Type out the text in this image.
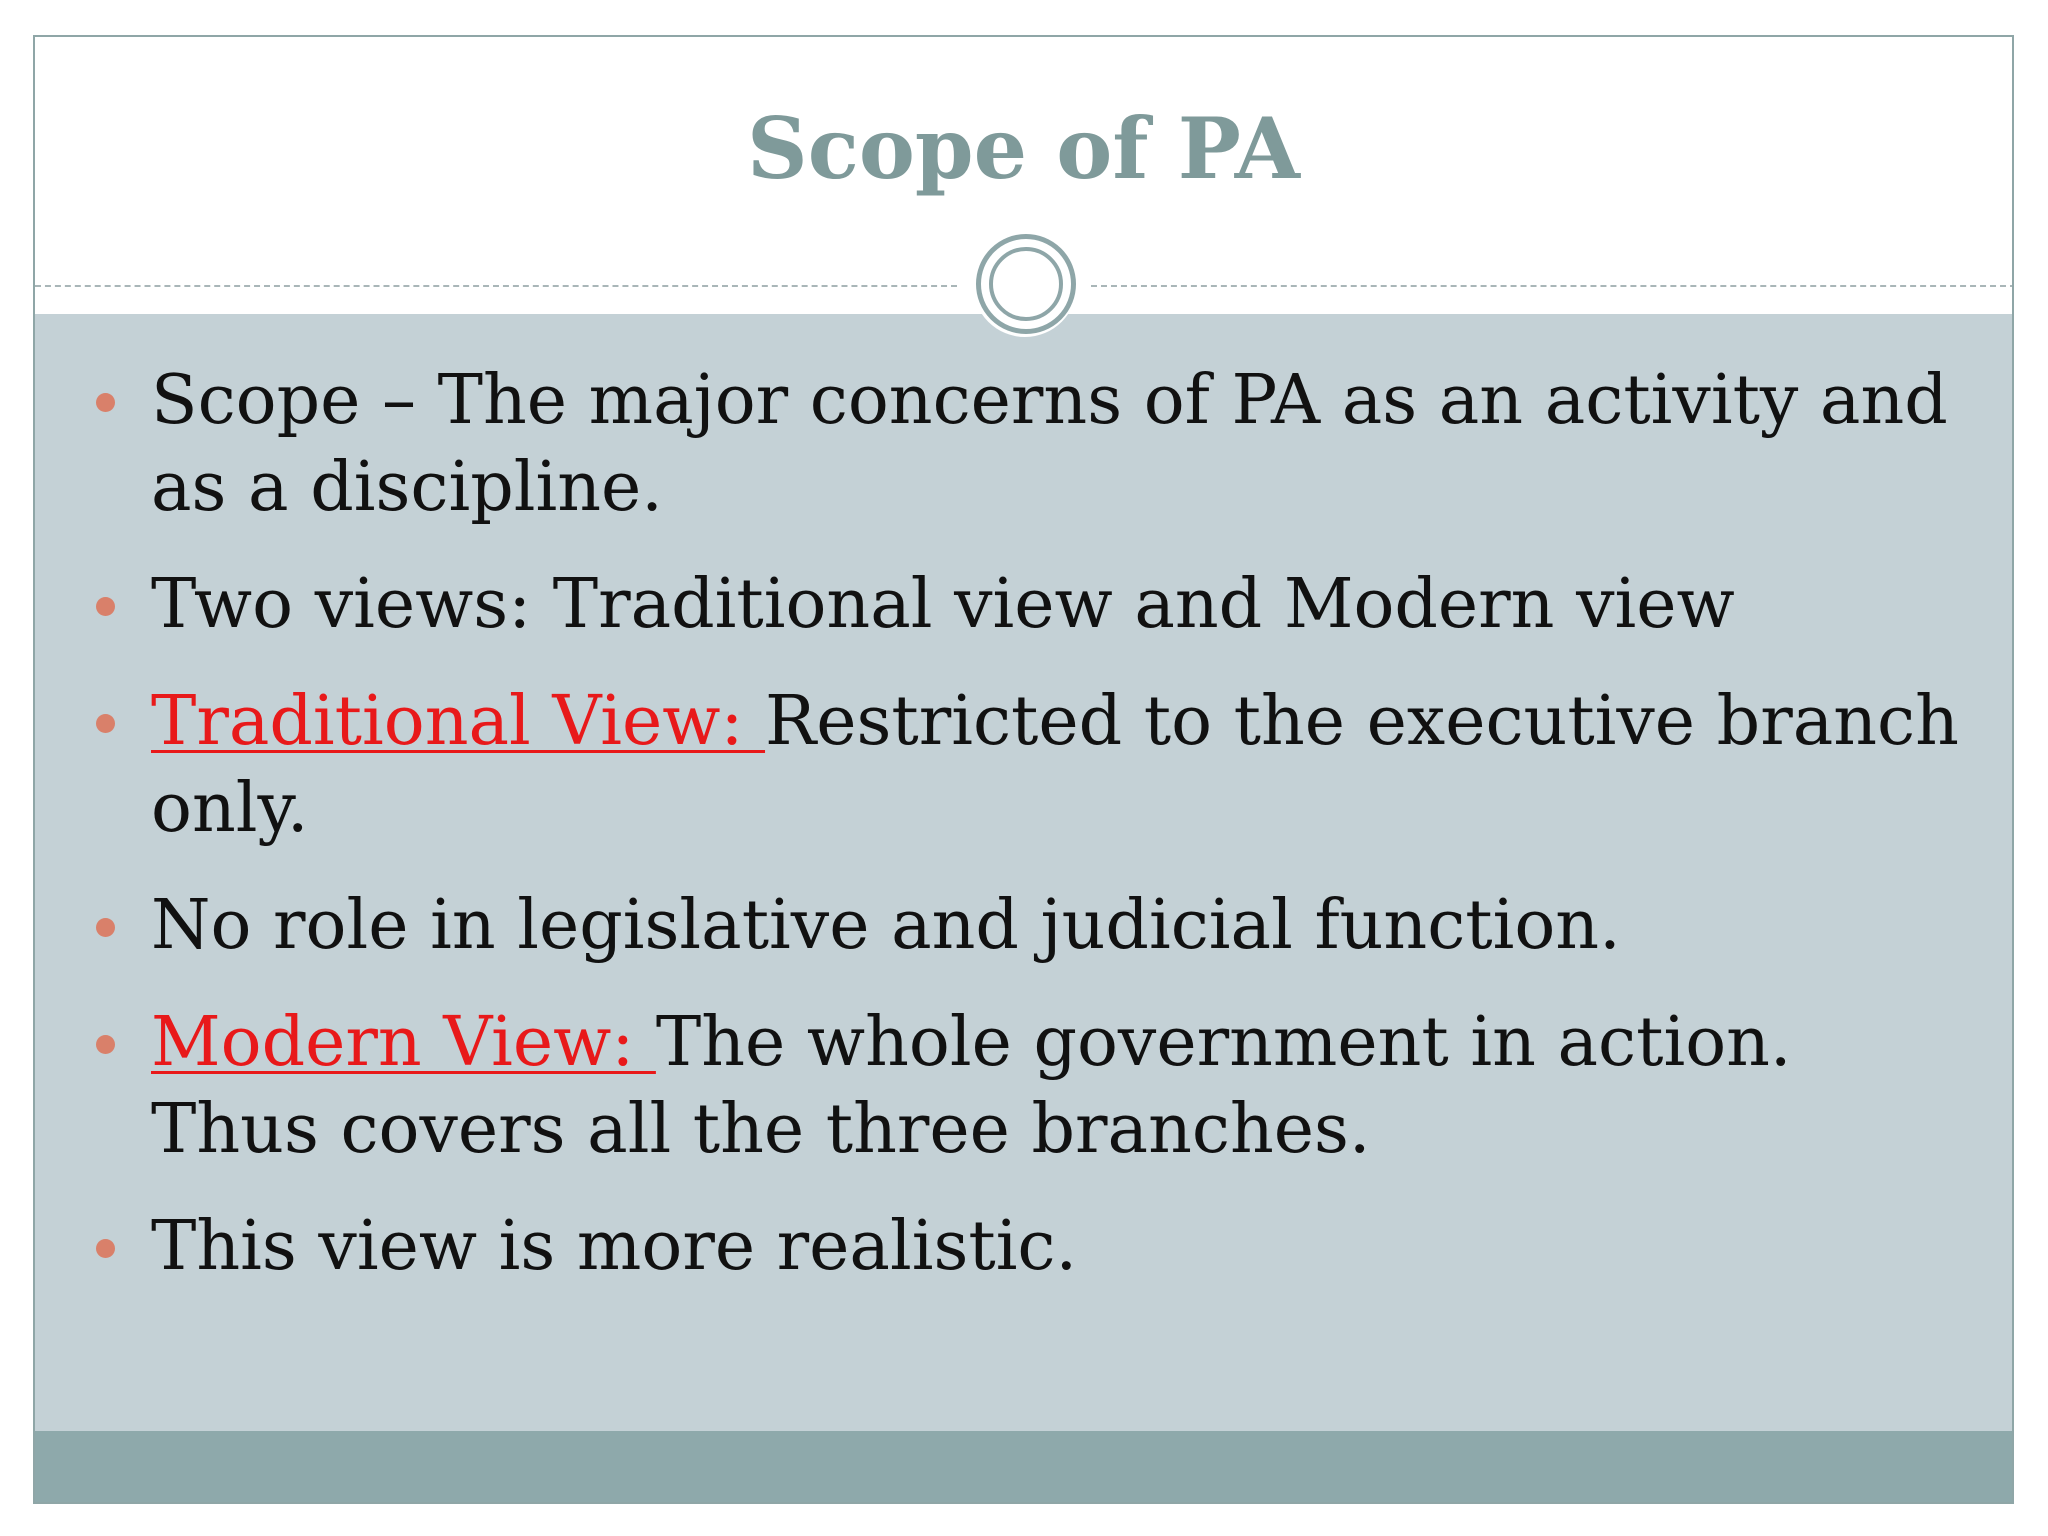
Scope of PA
Scope – The major concerns of PA as an activity and as a discipline.
Two views: Traditional view and Modern view
Traditional View: Restricted to the executive branch only.
No role in legislative and judicial function.
Modern View: The whole government in action. Thus covers all the three branches.
This view is more realistic.
